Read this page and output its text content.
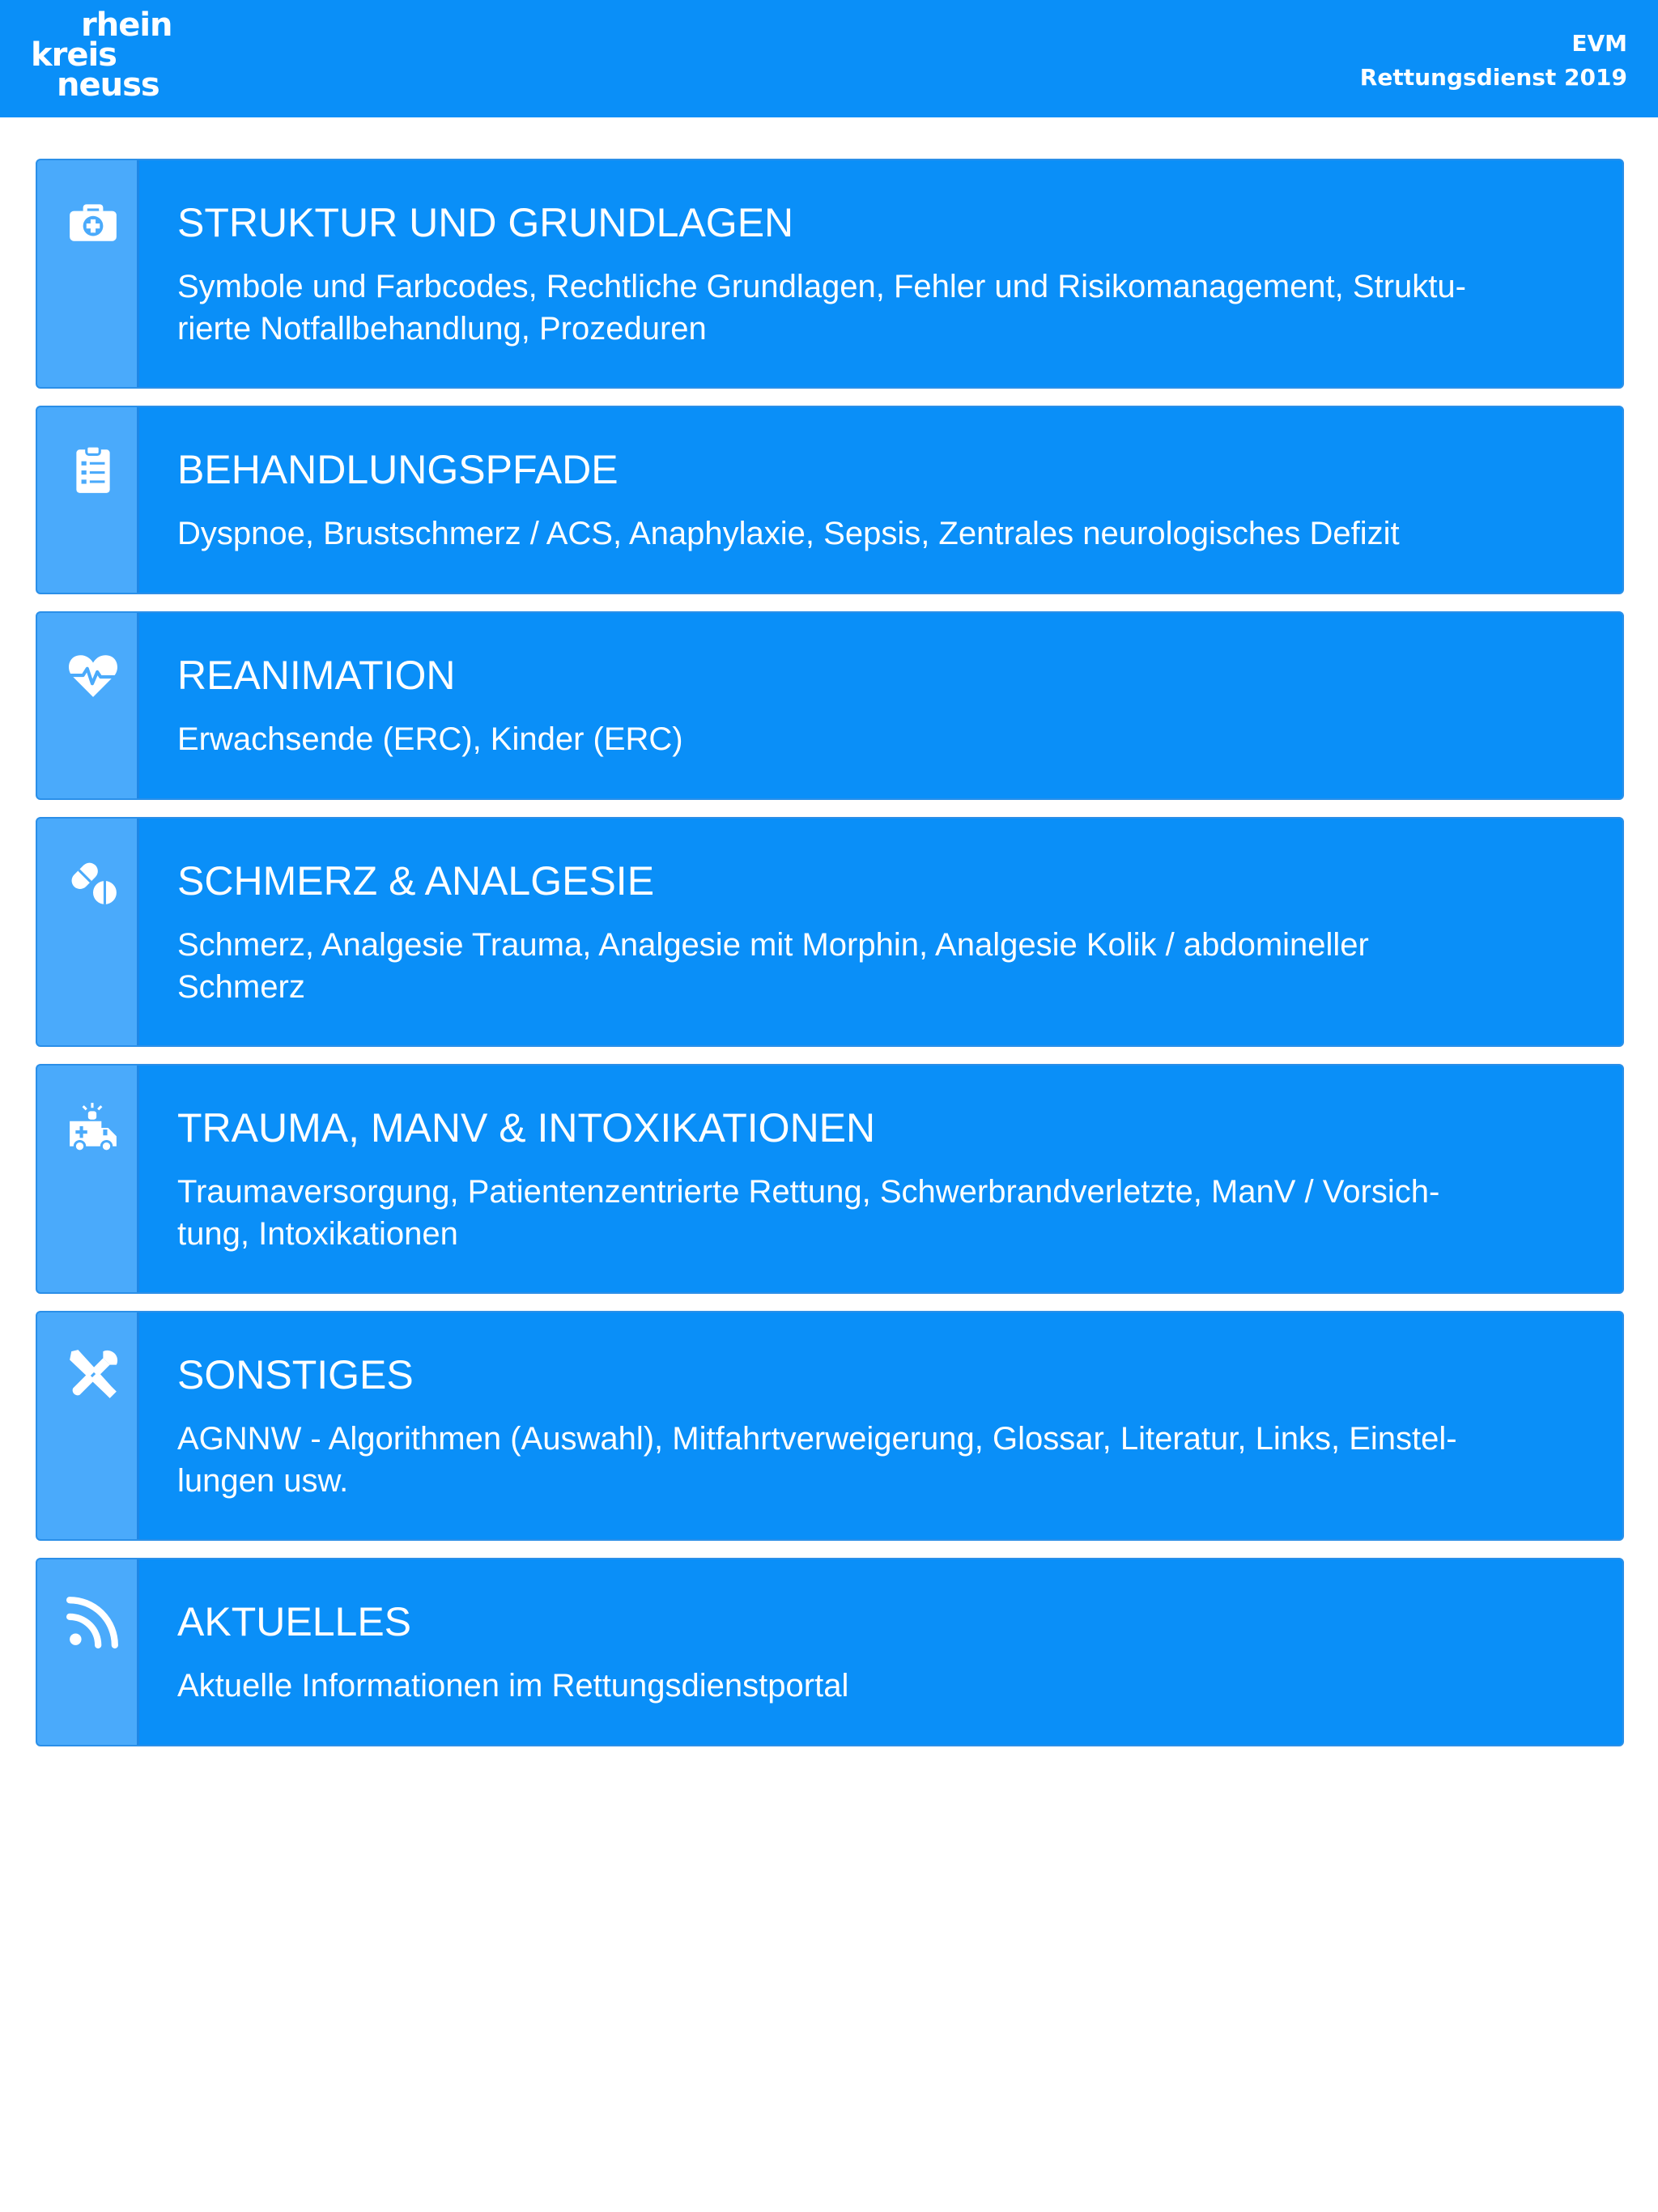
rhein
kreis
neuss
EVM
Rettungsdienst 2019
STRUKTUR UND GRUNDLAGEN
Symbole und Farbcodes, Rechtliche Grundlagen, Fehler und Risikomanagement, Struktu-
rierte Notfallbehandlung, Prozeduren
BEHANDLUNGSPFADE
Dyspnoe, Brustschmerz / ACS, Anaphylaxie, Sepsis, Zentrales neurologisches Defizit
REANIMATION
Erwachsende (ERC), Kinder (ERC)
SCHMERZ & ANALGESIE
Schmerz, Analgesie Trauma, Analgesie mit Morphin, Analgesie Kolik / abdomineller
Schmerz
TRAUMA, MANV & INTOXIKATIONEN
Traumaversorgung, Patientenzentrierte Rettung, Schwerbrandverletzte, ManV / Vorsich-
tung, Intoxikationen
SONSTIGES
AGNNW - Algorithmen (Auswahl), Mitfahrtverweigerung, Glossar, Literatur, Links, Einstel-
lungen usw.
AKTUELLES
Aktuelle Informationen im Rettungsdienstportal
